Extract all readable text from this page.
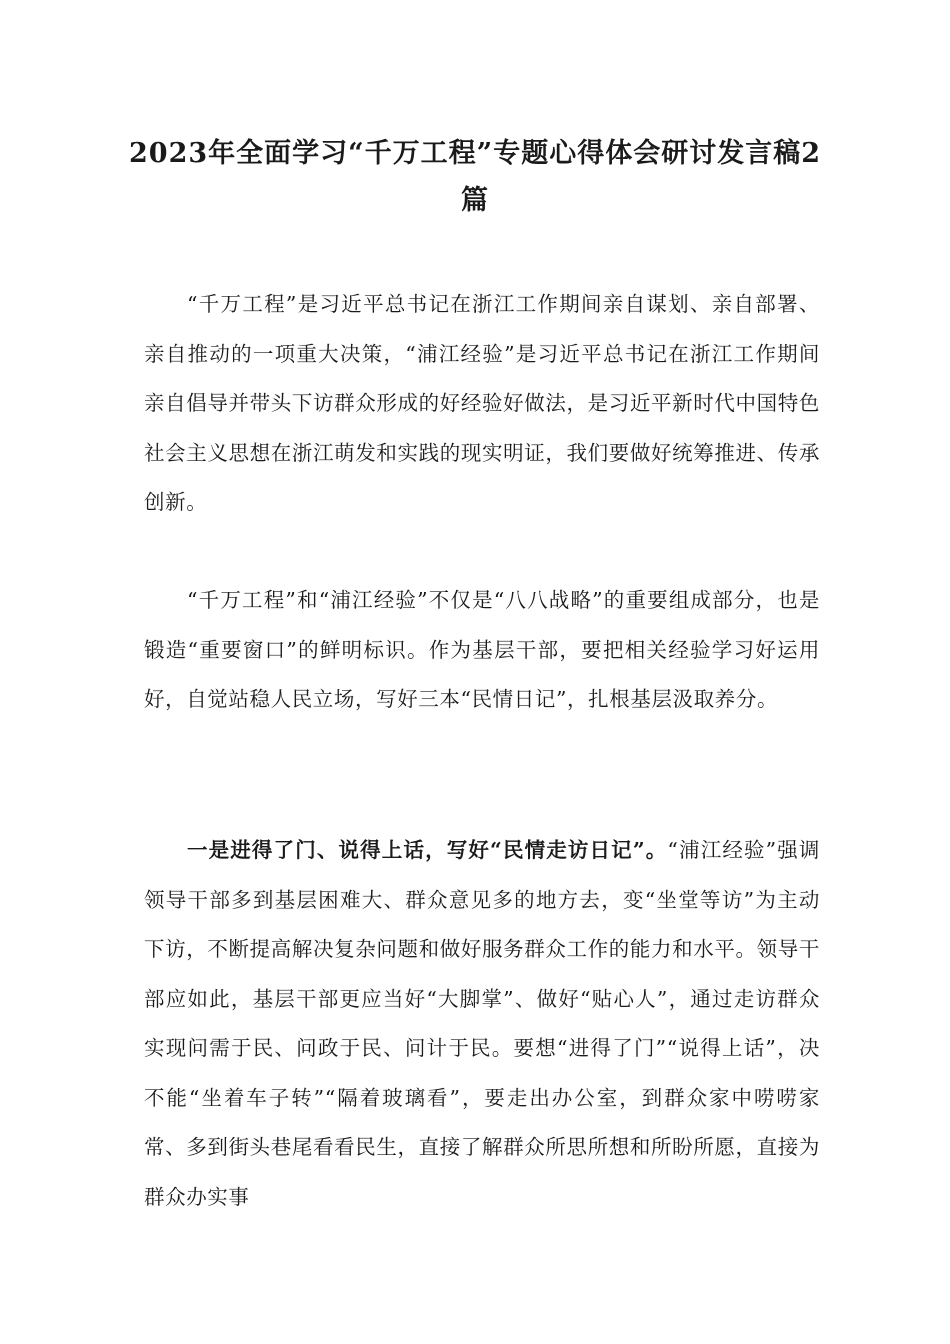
2023年全面学习“千万工程”专题心得体会研讨发言稿2篇

“千万工程”是习近平总书记在浙江工作期间亲自谋划、亲自部署、亲自推动的一项重大决策，“浦江经验”是习近平总书记在浙江工作期间亲自倡导并带头下访群众形成的好经验好做法，是习近平新时代中国特色社会主义思想在浙江萌发和实践的现实明证，我们要做好统筹推进、传承创新。

“千万工程”和“浦江经验”不仅是“八八战略”的重要组成部分，也是锻造“重要窗口”的鲜明标识。作为基层干部，要把相关经验学习好运用好，自觉站稳人民立场，写好三本“民情日记”，扎根基层汲取养分。

一是进得了门、说得上话，写好“民情走访日记”。“浦江经验”强调领导干部多到基层困难大、群众意见多的地方去，变“坐堂等访”为主动下访，不断提高解决复杂问题和做好服务群众工作的能力和水平。领导干部应如此，基层干部更应当好“大脚掌”、做好“贴心人”，通过走访群众实现问需于民、问政于民、问计于民。要想“进得了门”“说得上话”，决不能“坐着车子转”“隔着玻璃看”，要走出办公室，到群众家中唠唠家常、多到街头巷尾看看民生，直接了解群众所思所想和所盼所愿，直接为群众办实事
